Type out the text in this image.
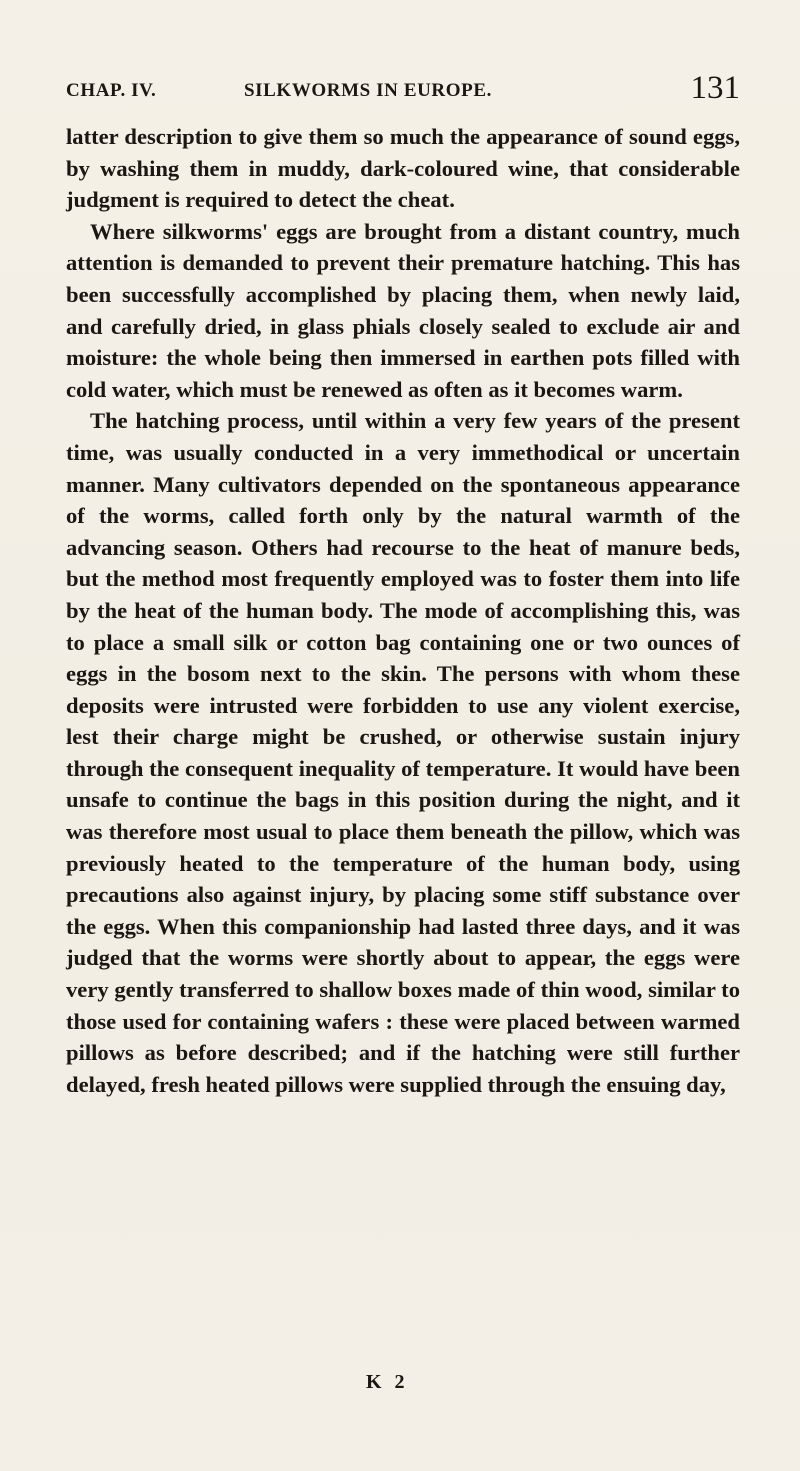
CHAP. IV.	SILKWORMS IN EUROPE.	131

latter description to give them so much the appearance of sound eggs, by washing them in muddy, dark-coloured wine, that considerable judgment is required to detect the cheat.

Where silkworms' eggs are brought from a distant country, much attention is demanded to prevent their premature hatching. This has been successfully accomplished by placing them, when newly laid, and carefully dried, in glass phials closely sealed to exclude air and moisture: the whole being then immersed in earthen pots filled with cold water, which must be renewed as often as it becomes warm.

The hatching process, until within a very few years of the present time, was usually conducted in a very immethodical or uncertain manner. Many cultivators depended on the spontaneous appearance of the worms, called forth only by the natural warmth of the advancing season. Others had recourse to the heat of manure beds, but the method most frequently employed was to foster them into life by the heat of the human body. The mode of accomplishing this, was to place a small silk or cotton bag containing one or two ounces of eggs in the bosom next to the skin. The persons with whom these deposits were intrusted were forbidden to use any violent exercise, lest their charge might be crushed, or otherwise sustain injury through the consequent inequality of temperature. It would have been unsafe to continue the bags in this position during the night, and it was therefore most usual to place them beneath the pillow, which was previously heated to the temperature of the human body, using precautions also against injury, by placing some stiff substance over the eggs. When this companionship had lasted three days, and it was judged that the worms were shortly about to appear, the eggs were very gently transferred to shallow boxes made of thin wood, similar to those used for containing wafers : these were placed between warmed pillows as before described; and if the hatching were still further delayed, fresh heated pillows were supplied through the ensuing day,

K 2
